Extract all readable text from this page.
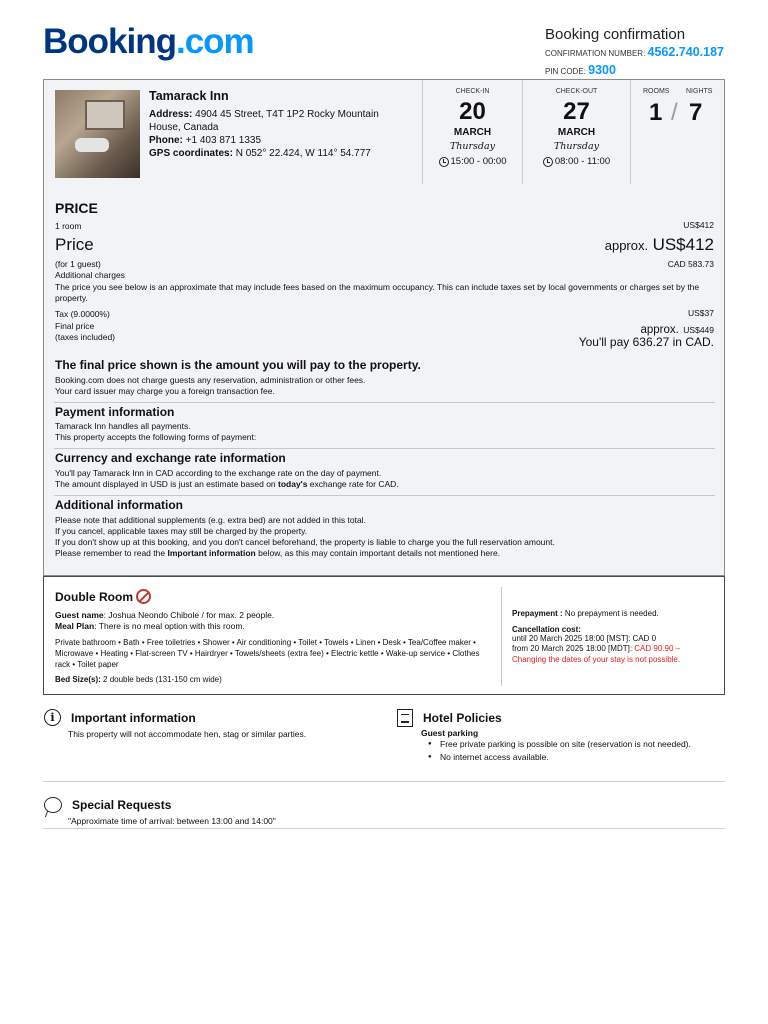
Booking.com	Booking confirmation
CONFIRMATION NUMBER: 4562.740.187
PIN CODE: 9300
Tamarack Inn
Address: 4904 45 Street, T4T 1P2 Rocky Mountain House, Canada
Phone: +1 403 871 1335
GPS coordinates: N 052° 22.424, W 114° 54.777
CHECK-IN
20
MARCH
Thursday
15:00 - 00:00
CHECK-OUT
27
MARCH
Thursday
08:00 - 11:00
ROOMS NIGHTS
1 / 7
PRICE
1 room	US$412
Price	approx. US$412
(for 1 guest)	CAD 583.73
Additional charges
The price you see below is an approximate that may include fees based on the maximum occupancy. This can include taxes set by local governments or charges set by the property.
Tax (9.0000%)	US$37
Final price	approx. US$449
(taxes included)	You'll pay 636.27 in CAD.
The final price shown is the amount you will pay to the property.
Booking.com does not charge guests any reservation, administration or other fees.
Your card issuer may charge you a foreign transaction fee.
Payment information
Tamarack Inn handles all payments.
This property accepts the following forms of payment:
Currency and exchange rate information
You'll pay Tamarack Inn in CAD according to the exchange rate on the day of payment.
The amount displayed in USD is just an estimate based on today's exchange rate for CAD.
Additional information
Please note that additional supplements (e.g. extra bed) are not added in this total.
If you cancel, applicable taxes may still be charged by the property.
If you don't show up at this booking, and you don't cancel beforehand, the property is liable to charge you the full reservation amount.
Please remember to read the Important information below, as this may contain important details not mentioned here.
Double Room
Guest name: Joshua Neondo Chibole / for max. 2 people.
Meal Plan: There is no meal option with this room.
Private bathroom • Bath • Free toiletries • Shower • Air conditioning • Toilet • Towels • Linen • Desk • Tea/Coffee maker • Microwave • Heating • Flat-screen TV • Hairdryer • Towels/sheets (extra fee) • Electric kettle • Wake-up service • Clothes rack • Toilet paper
Bed Size(s): 2 double beds (131-150 cm wide)
Prepayment : No prepayment is needed.
Cancellation cost:
until 20 March 2025 18:00 [MST]: CAD 0
from 20 March 2025 18:00 [MDT]: CAD 90.90 –
Changing the dates of your stay is not possible.
i	Important information
This property will not accommodate hen, stag or similar parties.
Hotel Policies
Guest parking
● Free private parking is possible on site (reservation is not needed).
● No internet access available.
Special Requests
"Approximate time of arrival: between 13:00 and 14:00"
